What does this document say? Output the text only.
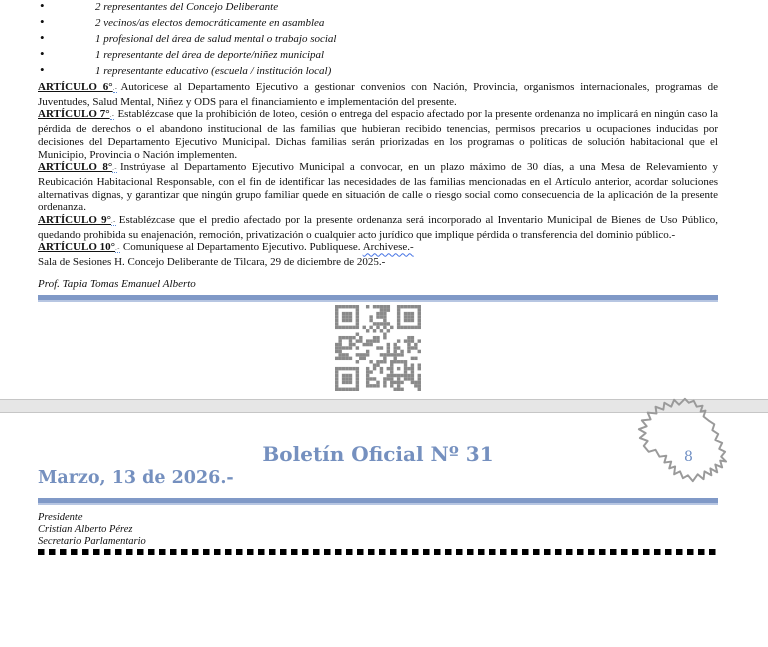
• 2 representantes del Concejo Deliberante
• 2 vecinos/as electos democráticamente en asamblea
• 1 profesional del área de salud mental o trabajo social
• 1 representante del área de deporte/niñez municipal
• 1 representante educativo (escuela / institución local)

ARTÍCULO 6°.- Autoricese al Departamento Ejecutivo a gestionar convenios con Nación, Provincia, organismos internacionales, programas de Juventudes, Salud Mental, Niñez y ODS para el financiamiento e implementación del presente.

ARTÍCULO 7°.- Establézcase que la prohibición de loteo, cesión o entrega del espacio afectado por la presente ordenanza no implicará en ningún caso la pérdida de derechos o el abandono institucional de las familias que hubieran recibido tenencias, permisos precarios u ocupaciones inducidas por decisiones del Departamento Ejecutivo Municipal. Dichas familias serán priorizadas en los programas o políticas de solución habitacional que el Municipio, Provincia o Nación implementen.

ARTÍCULO 8°.- Instrúyase al Departamento Ejecutivo Municipal a convocar, en un plazo máximo de 30 días, a una Mesa de Relevamiento y Reubicación Habitacional Responsable, con el fin de identificar las necesidades de las familias mencionadas en el Artículo anterior, acordar soluciones alternativas dignas, y garantizar que ningún grupo familiar quede en situación de calle o riesgo social como consecuencia de la aplicación de la presente ordenanza.

ARTÍCULO 9°.- Establézcase que el predio afectado por la presente ordenanza será incorporado al Inventario Municipal de Bienes de Uso Público, quedando prohibida su enajenación, remoción, privatización o cualquier acto jurídico que implique pérdida o transferencia del dominio público.-

ARTÍCULO 10°.- Comuniquese al Departamento Ejecutivo. Publiquese. Archivese.-

Sala de Sesiones H. Concejo Deliberante de Tilcara, 29 de diciembre de 2025.-

Prof. Tapia Tomas Emanuel Alberto

Boletín Oficial Nº 31
Marzo, 13 de 2026.-
Presidente
Cristian Alberto Pérez
Secretario Parlamentario
8
